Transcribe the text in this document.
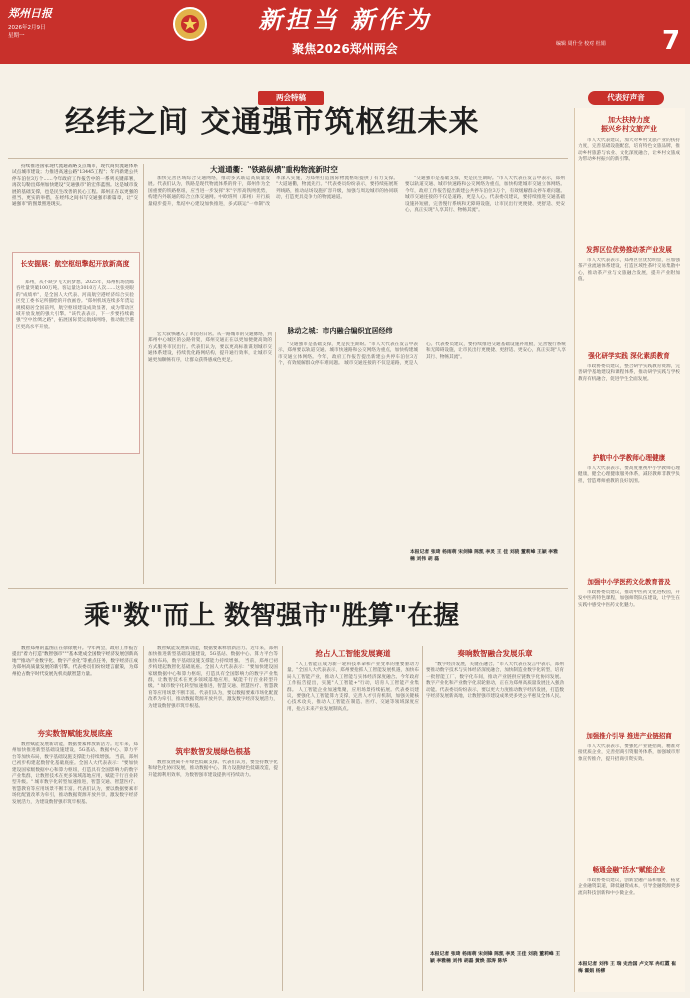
郑州日报
2026年2月9日
星期一
新担当 新作为
聚焦2026郑州两会	编辑 周什全 校对 杜娟	7
两会特稿	代表好声音
经纬之间 交通强市筑枢纽未来

持续推进国家现代流通战略支点城市，现代商贸流通体系试点城市建设；力推进高速公路"13445工程"；年内新建公共停车泊位3万个……今年政府工作报告中的一系列关键部署，再次勾勒出郑州加快建设"交通强市"的宏伟蓝图。这是城市发展的基础支撑，也是民生改善的民心工程。郑州正在以更强的担当、更实的举措，在经纬之间书写交通强市新篇章，让"交通强市"的图景照进现实。

长安握展：航空枢纽擎起开放新高度

郑州，从不缺少飞天的梦想。2025年，郑州机场货邮吞吐量突破100万吨。客运量达3010万人次……这张亮眼的"成绩单"，是全国人大代表、河南航空港经济综合实验区党工委书记所描绘的开放画卷。"郑州机场连续多年货运规模稳居全国前列，航空枢纽建设成效显著，成为带动区域开放发展的强大引擎。"该代表表示，下一步要持续做强"空中丝绸之路"，拓展国际货运航线网络，推动航空港区更高水平开放。

宏大叙事融入了市民的日常。从一路城市的交通脉络，到郑州中心城区的公路骨架，郑州交通正在以更加便捷高效的方式服务市民出行。代表们认为，要以更高标准谋划城市交通体系建设，持续优化路网结构，提升通行效率，让城市交通更加顺畅有序，让群众获得感成色更足。

大道通衢："铁路纵横"重构物流新时空

加快完善区域综合交通网络，推动多式联运高质量发展。代表们认为，铁路是现代物流体系的骨干，郑州作为全国重要的铁路枢纽，应当进一步发挥"米"字形高铁网优势，构建内外联通的综合立体交通网。中欧班列（郑州）开行质量稳步提升，集结中心建设加快推进，多式联运"一单制"改革深入实施，为郑州打造国际物流枢纽提供了有力支撑。 "大道通衢，物流先行。"代表委员纷纷表示，要持续拓展班列线路，推动站场设施扩容升级，加强与周边城市的协同联动，打造更具竞争力的物流通道。

脉动之城：市内融合编织宜居经纬

"交通强市是基础支撑，更是民生期盼。"市人大代表在发言中表示，郑州要以轨道交通、城市快速路和公交网络为重点，加快构建城市交通立体网络。今年，政府工作报告提出新建公共停车泊位3万个，有效缓解群众停车难问题。 城市交通连接的不仅是道路，更是人心。代表委员建议，要持续推进交通基础设施补短板，完善慢行系统和无障碍设施，让市民出行更便捷、更舒适、更安心，真正实现"人享其行、物畅其流"。

"交通强市是基础支撑，更是民生期盼。"市人大代表在发言中表示，郑州要以轨道交通、城市快速路和公交网络为重点，加快构建城市交通立体网络。今年，政府工作报告提出新建公共停车泊位3万个，有效缓解群众停车难问题。 城市交通连接的不仅是道路，更是人心。代表委员建议，要持续推进交通基础设施补短板，完善慢行系统和无障碍设施，让市民出行更便捷、更舒适、更安心，真正实现"人享其行、物畅其流"。

本报记者 张琦 杨雨萌 宋剑锋 陈凯 李灵 王 佳 刘骁 董莉峰 王颖 李雅楠 刘伟 胡 磊
乘"数"而上 数智强市"胜算"在握

数智郑州的蓝图正在徐徐展开。今年两会，政府工作报告提出"着力打造"数智强市"""基本建成全国数字经济发展创新高地""推动产业数字化、数字产业化"等重点任务，数字经济正成为郑州高质量发展的新引擎。代表委员们纷纷建言献策，为郑州抢占数字时代发展先机贡献智慧力量。

夯实数智赋能发展底座

数智赋能发展新动能，数据要素释放新活力。近年来，郑州加快推进新型基础设施建设，5G基站、数据中心、算力平台等加快布局，数字基础设施支撑能力持续增强。 当前，郑州已初步构建起数智化基础底座。全国人大代表表示："要加快建设国家级数据中心和算力枢纽，打造具有全国影响力的数字产业集群，让数智技术在更多领域落地应用，赋能千行百业转型升级。" 城市数字化转型加速推进，智慧交通、智慧医疗、智慧教育等应用场景不断丰富。代表们认为，要以数据要素市场化配置改革为牵引，推动数据资源开放共享，激发数字经济发展活力，为建设数智强市筑牢根基。

数智赋能发展新动能，数据要素释放新活力。近年来，郑州加快推进新型基础设施建设，5G基站、数据中心、算力平台等加快布局，数字基础设施支撑能力持续增强。 当前，郑州已初步构建起数智化基础底座。全国人大代表表示："要加快建设国家级数据中心和算力枢纽，打造具有全国影响力的数字产业集群，让数智技术在更多领域落地应用，赋能千行百业转型升级。" 城市数字化转型加速推进，智慧交通、智慧医疗、智慧教育等应用场景不断丰富。代表们认为，要以数据要素市场化配置改革为牵引，推动数据资源开放共享，激发数字经济发展活力，为建设数智强市筑牢根基。

筑牢数智发展绿色根基

数智发展离不开绿色低碳支撑。代表们认为，要坚持数字化和绿色化协同发展，推动数据中心、算力设施绿色低碳改造，提升能源利用效率，为数智强市建设提供可持续动力。

抢占人工智能发展赛道

"人工智能正成为新一轮科技革命和产业变革的重要驱动力量。"全国人大代表表示，郑州要抢抓人工智能发展机遇，加快布局人工智能产业，推动人工智能与实体经济深度融合。今年政府工作报告提出，实施"人工智能+"行动，培育人工智能产业集群。 人工智能企业加速集聚，应用场景持续拓展。代表委员建议，要强化人工智能算力支撑，完善人才引育机制，加强关键核心技术攻关，推动人工智能在制造、医疗、交通等领域深度应用，抢占未来产业发展制高点。

奏响数智融合发展乐章

"数字经济发展，关键在融合。"市人大代表在发言中表示，郑州要推动数字技术与实体经济深度融合，加快制造业数字化转型，培育一批智能工厂、数字化车间，推动产业链供应链数字化协同发展。 数字产业化和产业数字化双轮驱动，正在为郑州高质量发展注入强劲动能。代表委员纷纷表示，要以更大力度推动数字经济发展，打造数字经济发展新高地，让数智强市建设成果更多更公平惠及全体人民。

本报记者 张琦 杨雨萌 宋剑锋 陈凯 李灵 王佳 刘骁 董莉峰 王颖 李雅楠 刘伟 胡磊 黄焕 邵涛 陈华
加大扶持力度
振兴乡村文旅产业

市人大代表建议，加大对乡村文旅产业的扶持力度，完善基础设施配套，培育特色文旅品牌，推动乡村旅游与农业、文化深度融合，让乡村文旅成为带动乡村振兴的新引擎。

发挥区位优势推动茶产业发展

市人大代表表示，郑州区位优势明显，应加强茶产业流通体系建设，打造区域性茶叶交易集散中心，推动茶产业与文旅融合发展，提升产业附加值。

强化研学实践 深化素质教育

市政协委员建议，整合研学实践教育资源，完善研学基地建设和课程体系，推动研学实践与学校教育有机融合，促进学生全面发展。

护航中小学教师心理健康

市人大代表表示，要高度重视中小学教师心理健康，健全心理健康服务体系，减轻教师非教学负担，营造尊师重教的良好氛围。

加强中小学医药文化教育普及

市政协委员建议，推动中医药文化进校园，开发中医药特色课程，加强师资队伍建设，让学生在实践中感受中医药文化魅力。

加强推介引导 推进产业链招商

市人大代表表示，要强化产业链招商，精准对接优质企业，完善招商引资服务体系，加强城市形象宣传推介，提升招商引资实效。

畅通金融"活水"赋能企业

市政协委员建议，创新金融产品和服务，拓宽企业融资渠道，降低融资成本，引导金融资源更多流向科技创新和中小微企业。

本报记者 刘伟 王 瑞 史治国 卢文军 冉红霞 崔梅 霍娟 杨柳
